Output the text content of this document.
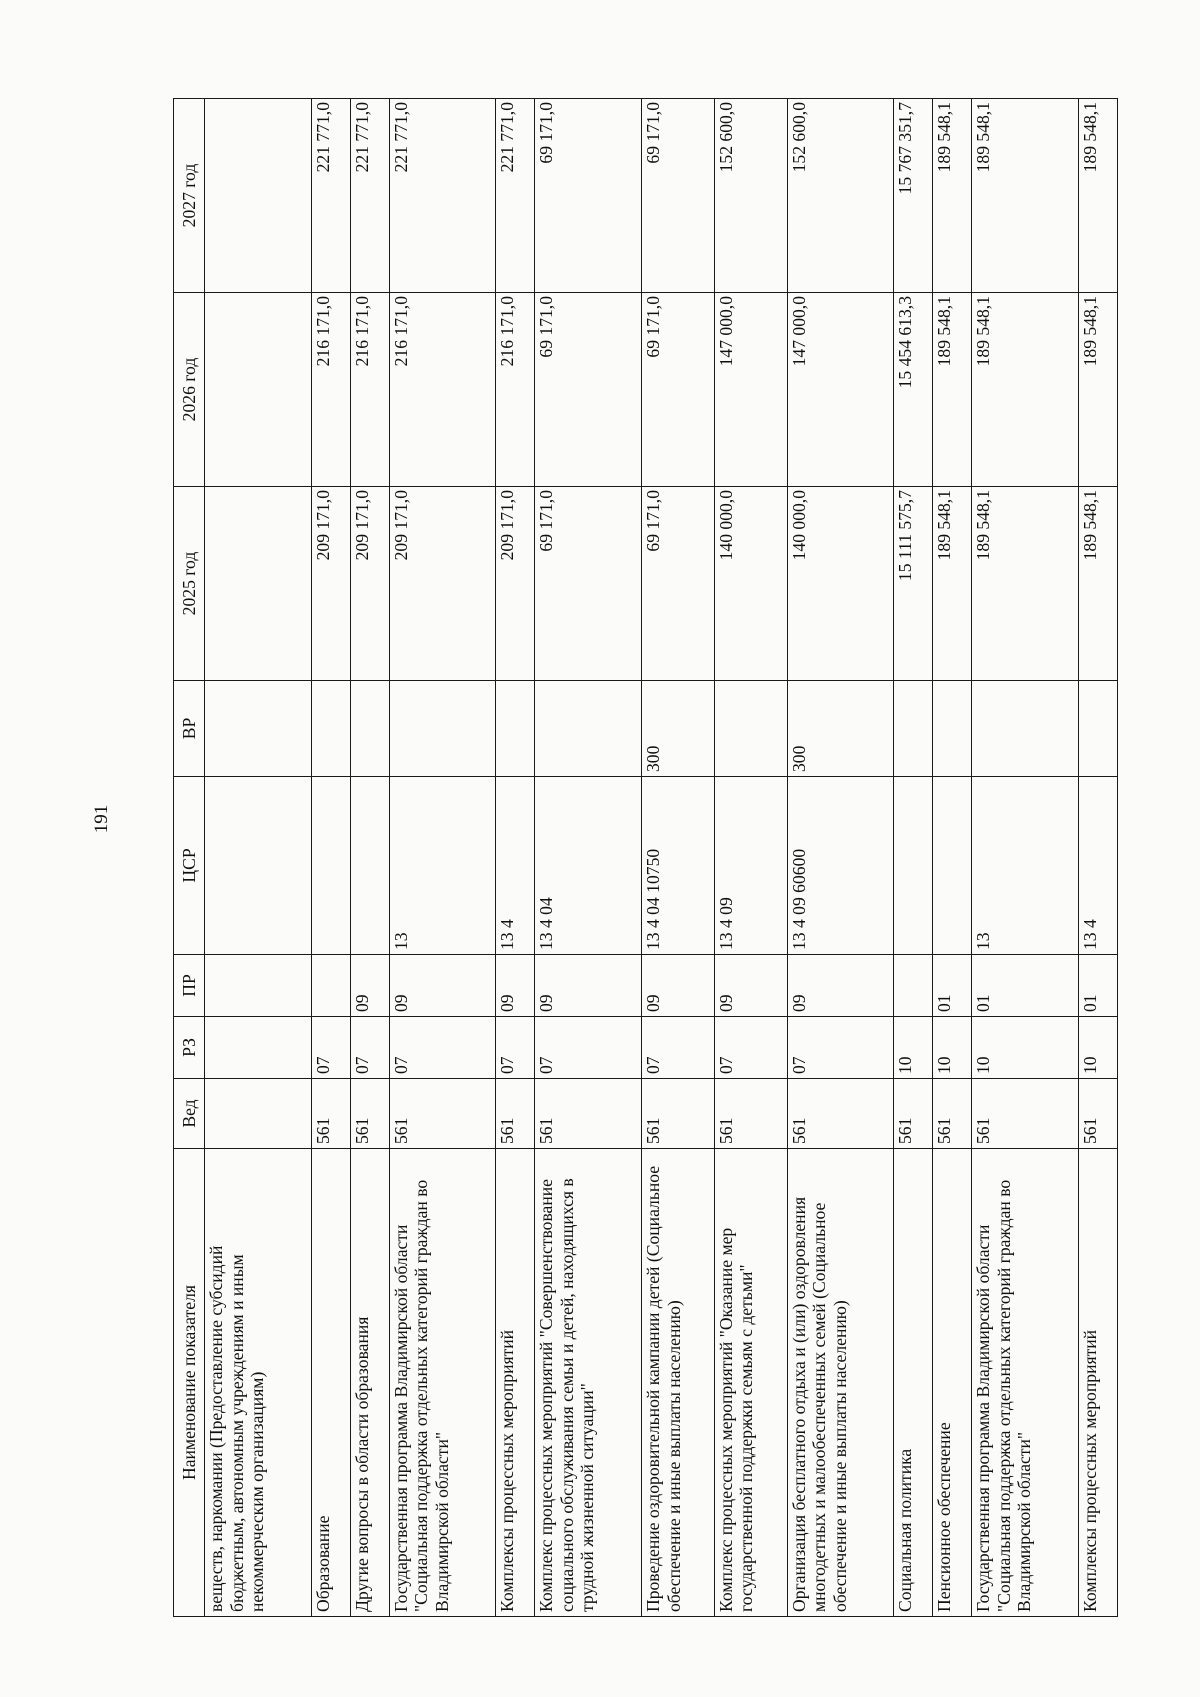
191
Наименование показателя	Вед	РЗ	ПР	ЦСР	ВР	2025 год	2026 год	2027 год
веществ, наркомании (Предоставление субсидий бюджетным, автономным учреждениям и иным некоммерческим организациям)								
Образование	561	07				209 171,0	216 171,0	221 771,0
Другие вопросы в области образования	561	07	09			209 171,0	216 171,0	221 771,0
Государственная программа Владимирской области "Социальная поддержка отдельных категорий граждан во Владимирской области"	561	07	09	13		209 171,0	216 171,0	221 771,0
Комплексы процессных мероприятий	561	07	09	13 4		209 171,0	216 171,0	221 771,0
Комплекс процессных мероприятий "Совершенствование социального обслуживания семьи и детей, находящихся в трудной жизненной ситуации"	561	07	09	13 4 04		69 171,0	69 171,0	69 171,0
Проведение оздоровительной кампании детей (Социальное обеспечение и иные выплаты населению)	561	07	09	13 4 04 10750	300	69 171,0	69 171,0	69 171,0
Комплекс процессных мероприятий "Оказание мер государственной поддержки семьям с детьми"	561	07	09	13 4 09		140 000,0	147 000,0	152 600,0
Организация бесплатного отдыха и (или) оздоровления многодетных и малообеспеченных семей (Социальное обеспечение и иные выплаты населению)	561	07	09	13 4 09 60600	300	140 000,0	147 000,0	152 600,0
Социальная политика	561	10				15 111 575,7	15 454 613,3	15 767 351,7
Пенсионное обеспечение	561	10	01			189 548,1	189 548,1	189 548,1
Государственная программа Владимирской области "Социальная поддержка отдельных категорий граждан во Владимирской области"	561	10	01	13		189 548,1	189 548,1	189 548,1
Комплексы процессных мероприятий	561	10	01	13 4		189 548,1	189 548,1	189 548,1
